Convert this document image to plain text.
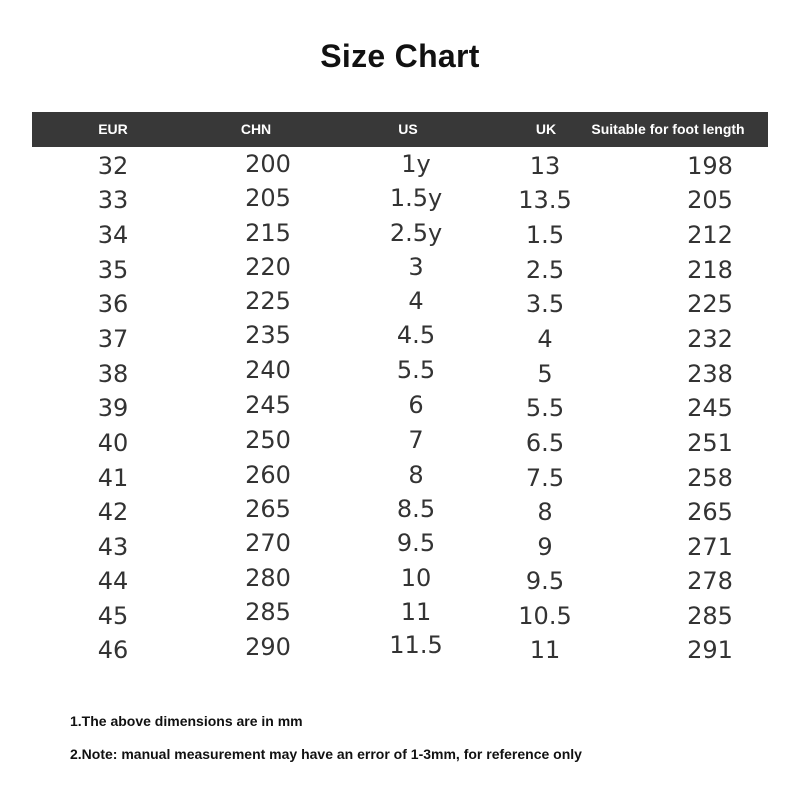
Size Chart
EUR	CHN	US	UK	Suitable for foot length
32	200	1y	13	198
33	205	1.5y	13.5	205
34	215	2.5y	1.5	212
35	220	3	2.5	218
36	225	4	3.5	225
37	235	4.5	4	232
38	240	5.5	5	238
39	245	6	5.5	245
40	250	7	6.5	251
41	260	8	7.5	258
42	265	8.5	8	265
43	270	9.5	9	271
44	280	10	9.5	278
45	285	11	10.5	285
46	290	11.5	11	291
1.The above dimensions are in mm
2.Note: manual measurement may have an error of 1-3mm, for reference only
